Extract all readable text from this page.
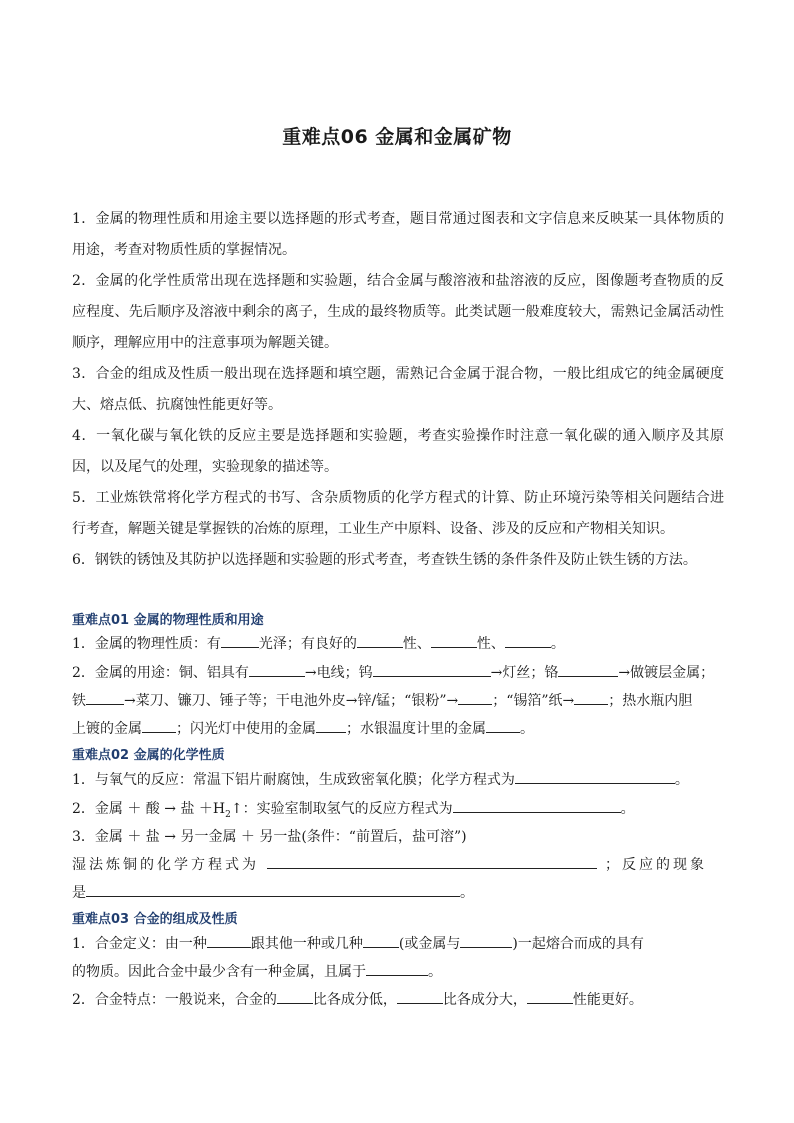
重难点06 金属和金属矿物
1．金属的物理性质和用途主要以选择题的形式考查，题目常通过图表和文字信息来反映某一具体物质的用途，考查对物质性质的掌握情况。
2．金属的化学性质常出现在选择题和实验题，结合金属与酸溶液和盐溶液的反应，图像题考查物质的反应程度、先后顺序及溶液中剩余的离子，生成的最终物质等。此类试题一般难度较大，需熟记金属活动性顺序，理解应用中的注意事项为解题关键。
3．合金的组成及性质一般出现在选择题和填空题，需熟记合金属于混合物，一般比组成它的纯金属硬度大、熔点低、抗腐蚀性能更好等。
4．一氧化碳与氧化铁的反应主要是选择题和实验题，考查实验操作时注意一氧化碳的通入顺序及其原因，以及尾气的处理，实验现象的描述等。
5．工业炼铁常将化学方程式的书写、含杂质物质的化学方程式的计算、防止环境污染等相关问题结合进行考查，解题关键是掌握铁的冶炼的原理，工业生产中原料、设备、涉及的反应和产物相关知识。
6．钢铁的锈蚀及其防护以选择题和实验题的形式考查，考查铁生锈的条件条件及防止铁生锈的方法。
重难点01 金属的物理性质和用途
1．金属的物理性质：有	光泽；有良好的	性、	性、	。
2．金属的用途：铜、铝具有	→电线；钨	→灯丝；铬	→做镀层金属；
铁	→菜刀、镰刀、锤子等；干电池外皮→锌/锰；“银粉”→ ；“锡箔”纸→ ；热水瓶内胆
上镀的金属 ；闪光灯中使用的金属 ；水银温度计里的金属 。
重难点02 金属的化学性质
1．与氧气的反应：常温下铝片耐腐蚀，生成致密氧化膜；化学方程式为	。
2．金属 ＋ 酸 → 盐 $+H_2↑$：实验室制取氢气的反应方程式为	。
3．金属 ＋ 盐 → 另一金属 ＋ 另一盐(条件：“前置后，盐可溶”)
湿法炼铜的化学方程式为	；反应的现象
是	。
重难点03 合金的组成及性质
1．合金定义：由一种	跟其他一种或几种	(或金属与	)一起熔合而成的具有
的物质。因此合金中最少含有一种金属，且属于	。
2．合金特点：一般说来，合金的	比各成分低，	比各成分大，	性能更好。
